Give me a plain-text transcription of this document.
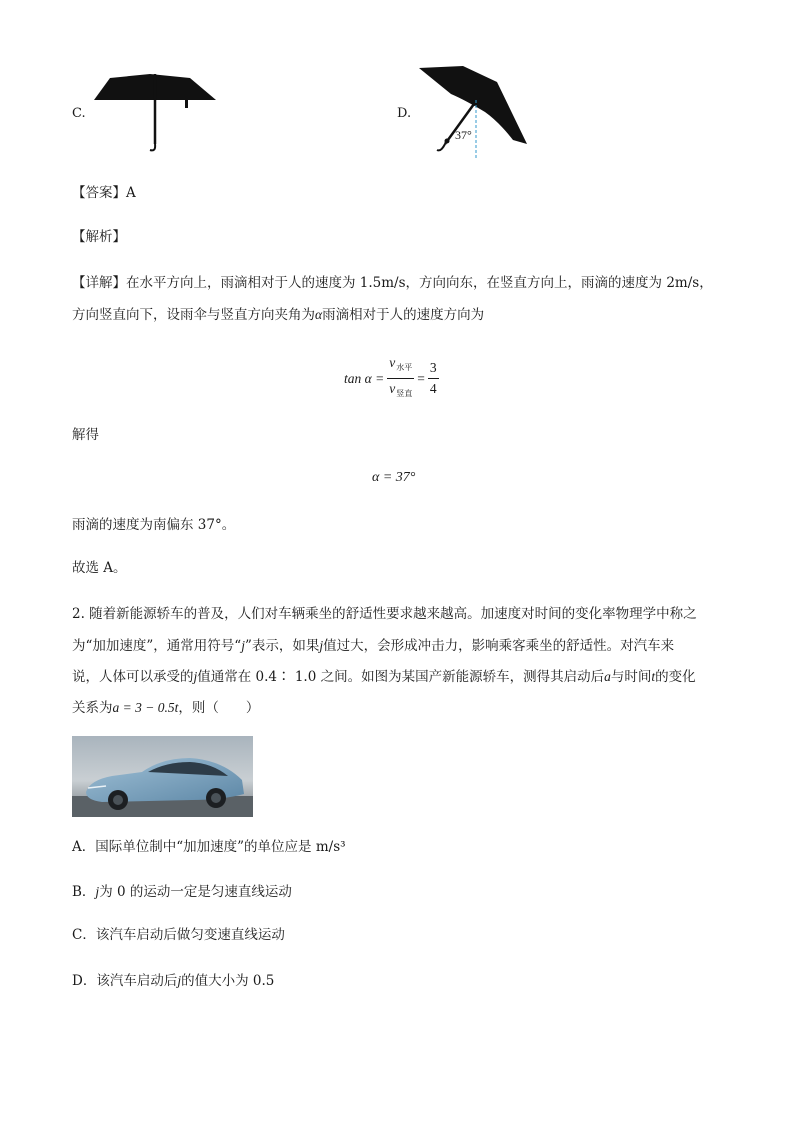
C.	D.
37°
【答案】A
【解析】
【详解】在水平方向上，雨滴相对于人的速度为 1.5m/s，方向向东，在竖直方向上，雨滴的速度为 2m/s，
方向竖直向下，设雨伞与竖直方向夹角为α雨滴相对于人的速度方向为
$\tan \alpha = \frac{v_{水平}}{v_{竖直}} = \frac{3}{4}$
解得
α = 37°
雨滴的速度为南偏东 37°。
故选 A。
2. 随着新能源轿车的普及，人们对车辆乘坐的舒适性要求越来越高。加速度对时间的变化率物理学中称之
为“加加速度”，通常用符号“j”表示，如果j值过大，会形成冲击力，影响乘客乘坐的舒适性。对汽车来
说，人体可以承受的j值通常在 0.4∶ 1.0 之间。如图为某国产新能源轿车，测得其启动后a与时间t的变化
关系为a = 3 − 0.5t，则（　　）
A．国际单位制中“加加速度”的单位应是 m/s³
B．j为 0 的运动一定是匀速直线运动
C．该汽车启动后做匀变速直线运动
D．该汽车启动后j的值大小为 0.5
